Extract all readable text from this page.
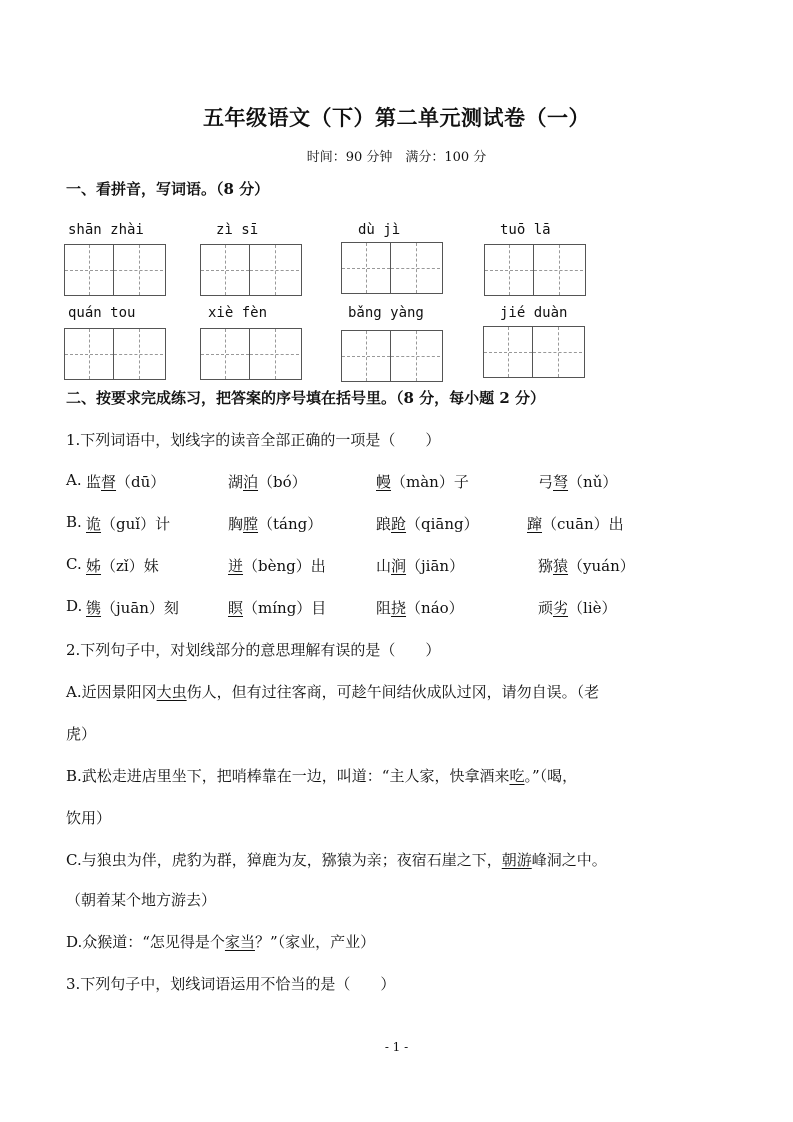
五年级语文（下）第二单元测试卷（一）
时间：90 分钟　满分：100 分
一、看拼音，写词语。（8 分）
shān zhài	zì sī	dù jì	tuō lā
quán tou	xiè fèn	bǎng yàng	jié duàn
二、按要求完成练习，把答案的序号填在括号里。（8 分，每小题 2 分）
1.下列词语中，划线字的读音全部正确的一项是（　　）
A. 监督（dū）	湖泊（bó）	幔（màn）子	弓弩（nǔ）
B. 诡（guǐ）计	胸膛（táng）	踉跄（qiāng）	蹿（cuān）出
C. 姊（zǐ）妹	迸（bèng）出	山涧（jiān）	猕猿（yuán）
D. 镌（juān）刻	瞑（míng）目	阻挠（náo）	顽劣（liè）
2.下列句子中，对划线部分的意思理解有误的是（　　）
A.近因景阳冈大虫伤人，但有过往客商，可趁午间结伙成队过冈，请勿自误。（老
虎）
B.武松走进店里坐下，把哨棒靠在一边，叫道：“主人家，快拿酒来吃。”（喝，
饮用）
C.与狼虫为伴，虎豹为群，獐鹿为友，猕猿为亲；夜宿石崖之下，朝游峰洞之中。
（朝着某个地方游去）
D.众猴道：“怎见得是个家当？”（家业，产业）
3.下列句子中，划线词语运用不恰当的是（　　）
- 1 -
